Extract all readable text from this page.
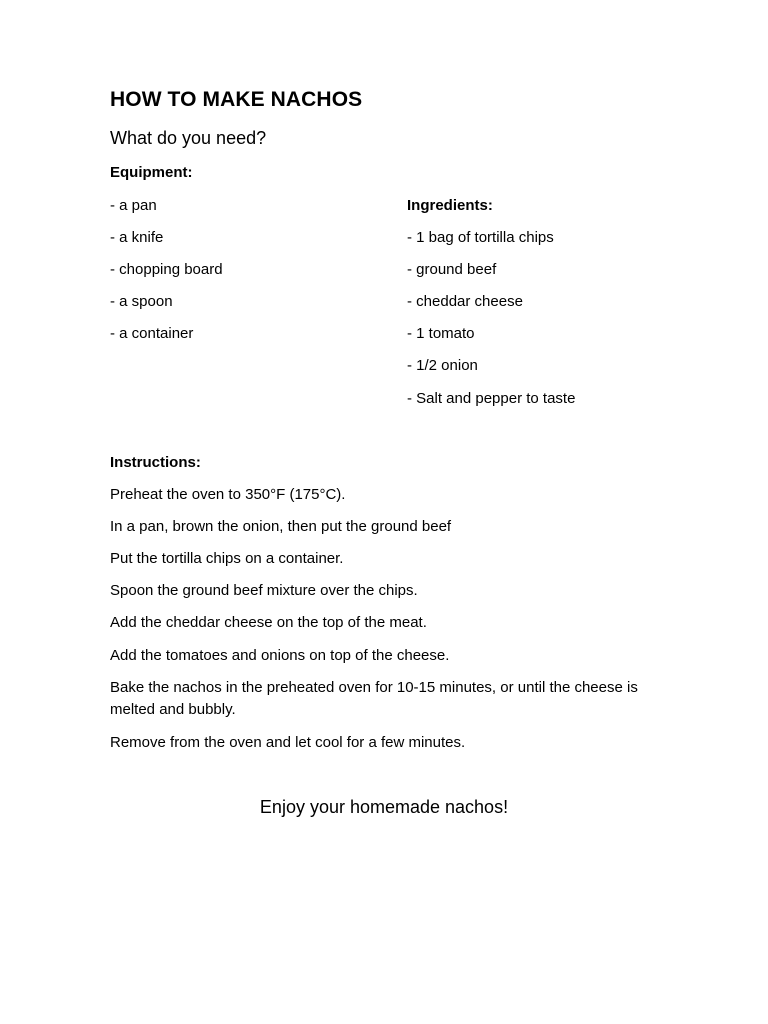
HOW TO MAKE NACHOS

What do you need?

Equipment:

- a pan

- a knife

- chopping board

- a spoon

- a container

Ingredients:

- 1 bag of tortilla chips

- ground beef

- cheddar cheese

- 1 tomato

- 1/2 onion

- Salt and pepper to taste

Instructions:

Preheat the oven to 350°F (175°C).

In a pan, brown the onion, then put the ground beef

Put the tortilla chips on a container.

Spoon the ground beef mixture over the chips.

Add the cheddar cheese on the top of the meat.

Add the tomatoes and onions on top of the cheese.

Bake the nachos in the preheated oven for 10-15 minutes, or until the cheese is melted and bubbly.

Remove from the oven and let cool for a few minutes.

Enjoy your homemade nachos!
